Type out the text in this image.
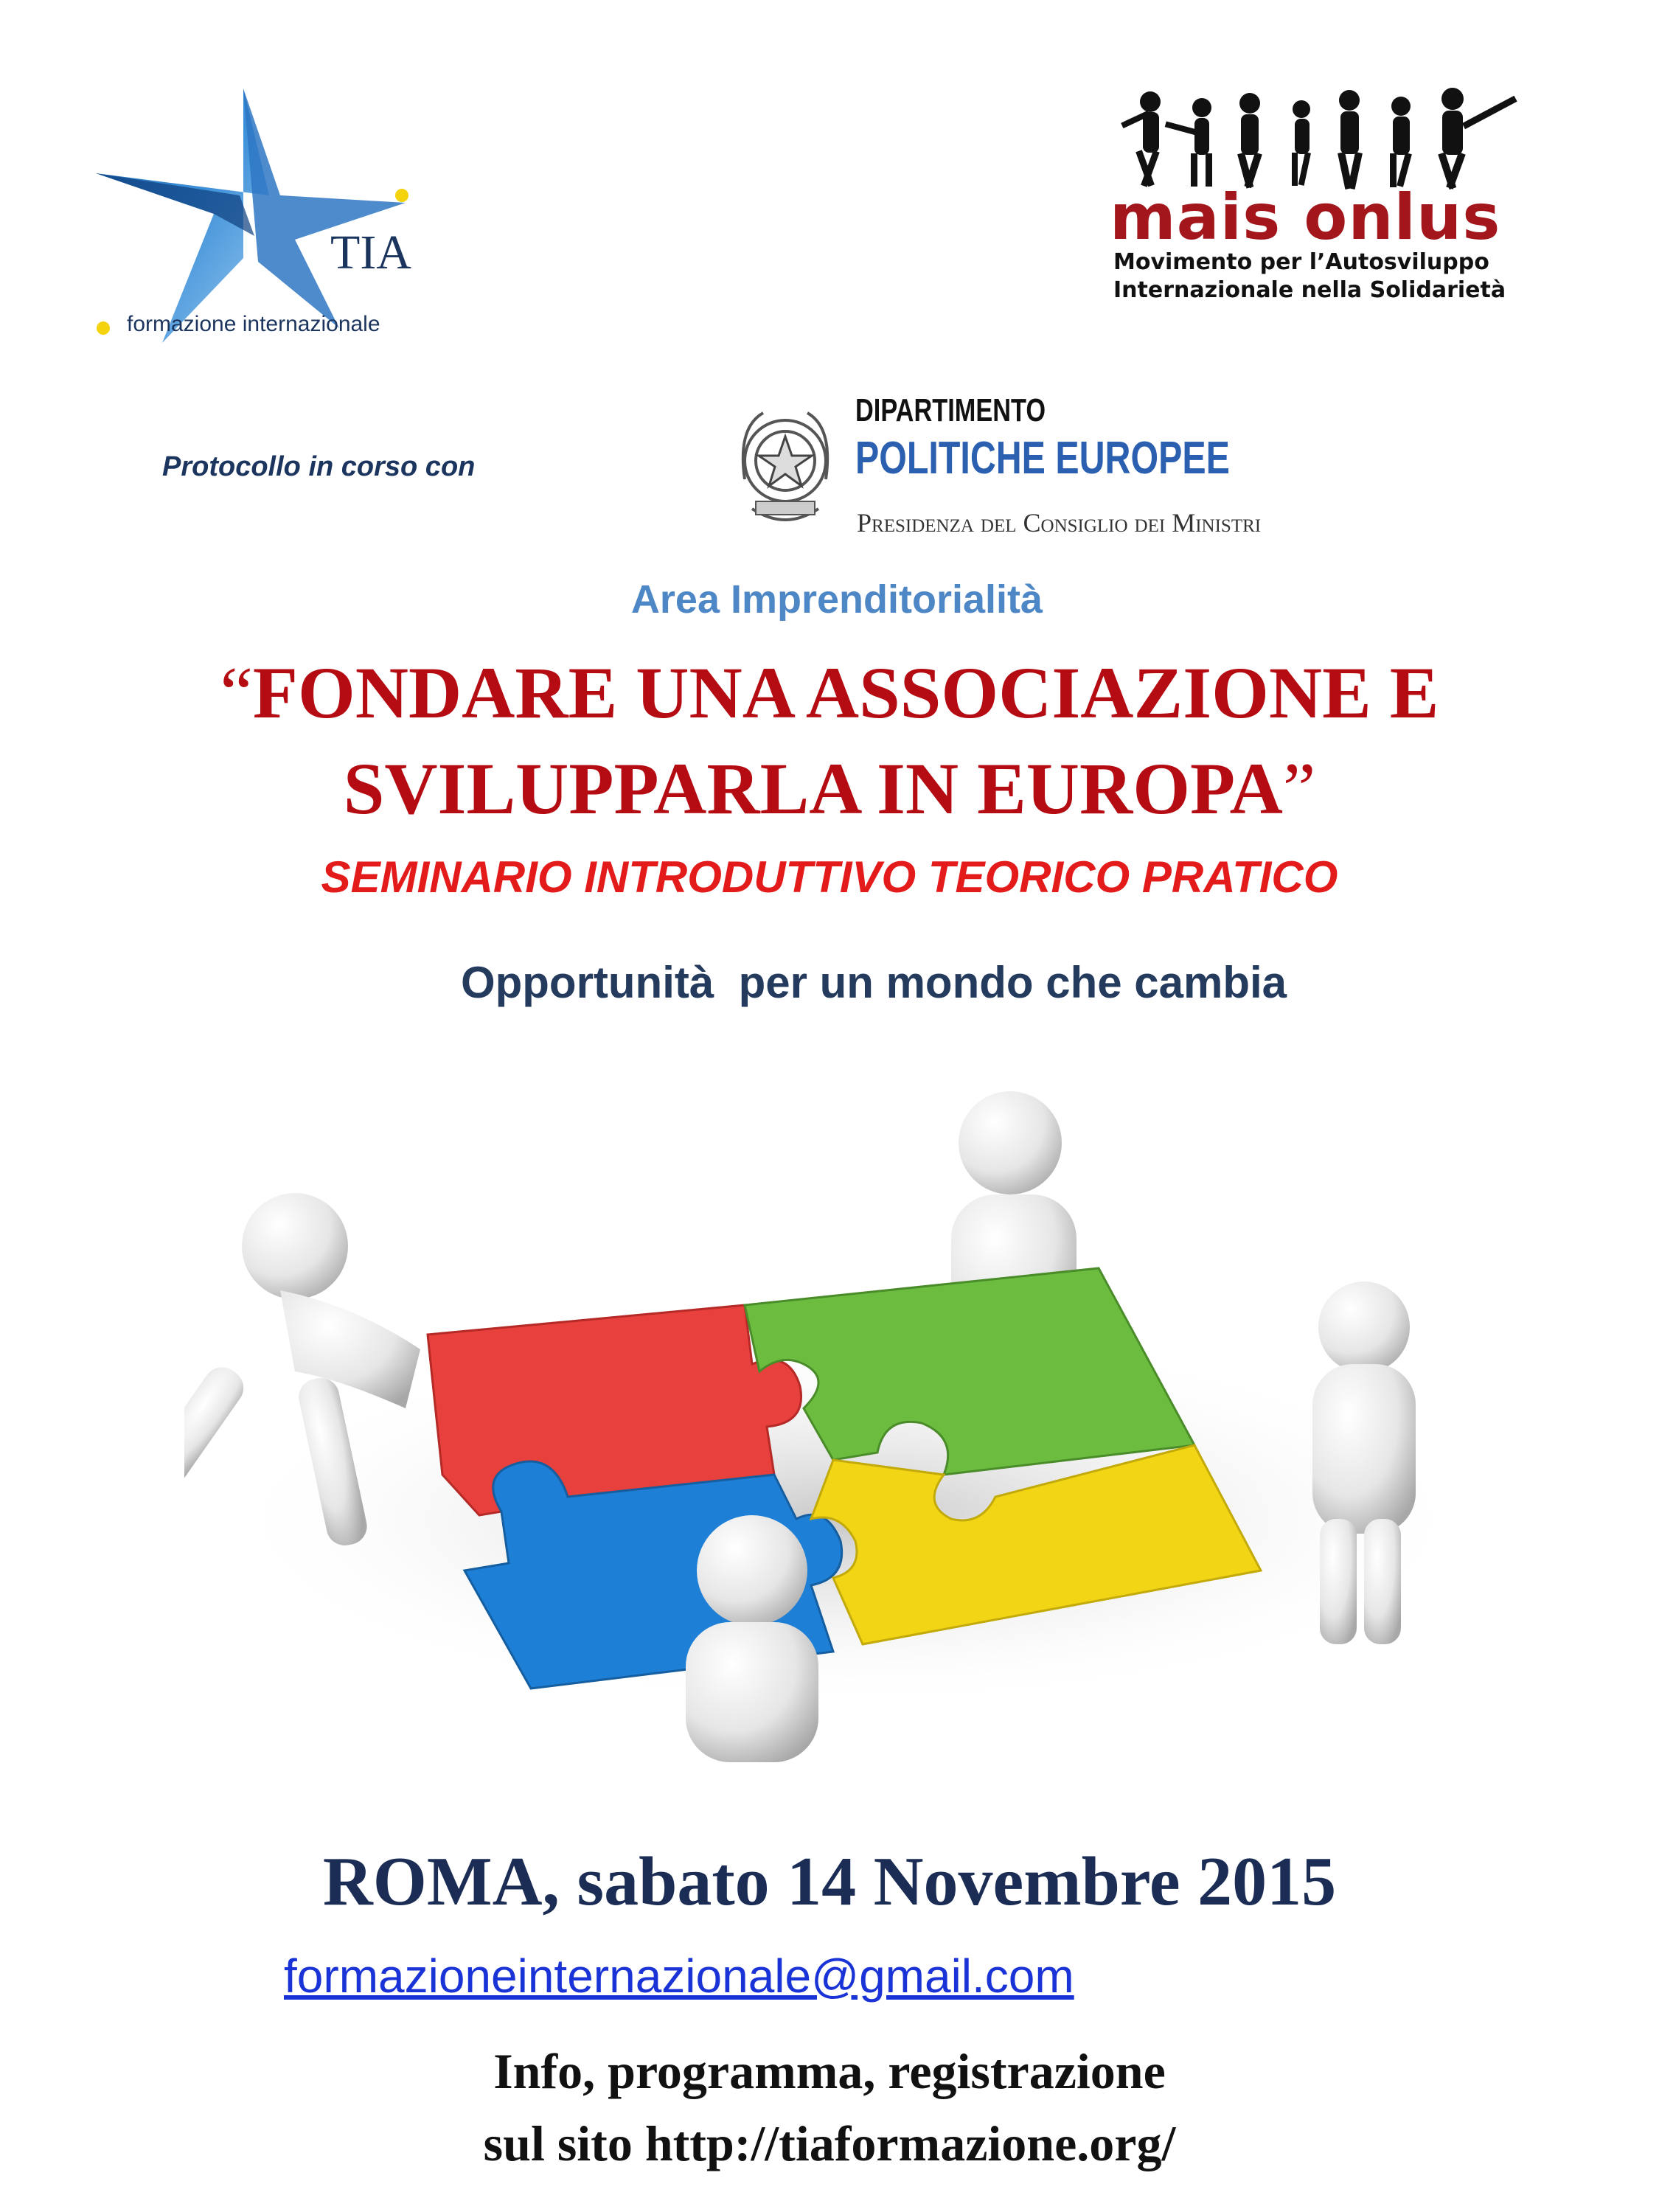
TIA
formazione internazionale
mais onlus
Movimento per l’Autosviluppo
Internazionale nella Solidarietà
Protocollo in corso con
DIPARTIMENTO
POLITICHE EUROPEE
Presidenza del Consiglio dei Ministri
Area Imprenditorialità
“FONDARE UNA ASSOCIAZIONE E
SVILUPPARLA IN EUROPA”
SEMINARIO INTRODUTTIVO TEORICO PRATICO
Opportunità  per un mondo che cambia
ROMA, sabato 14 Novembre 2015
formazioneinternazionale@gmail.com
Info, programma, registrazione
sul sito http://tiaformazione.org/
